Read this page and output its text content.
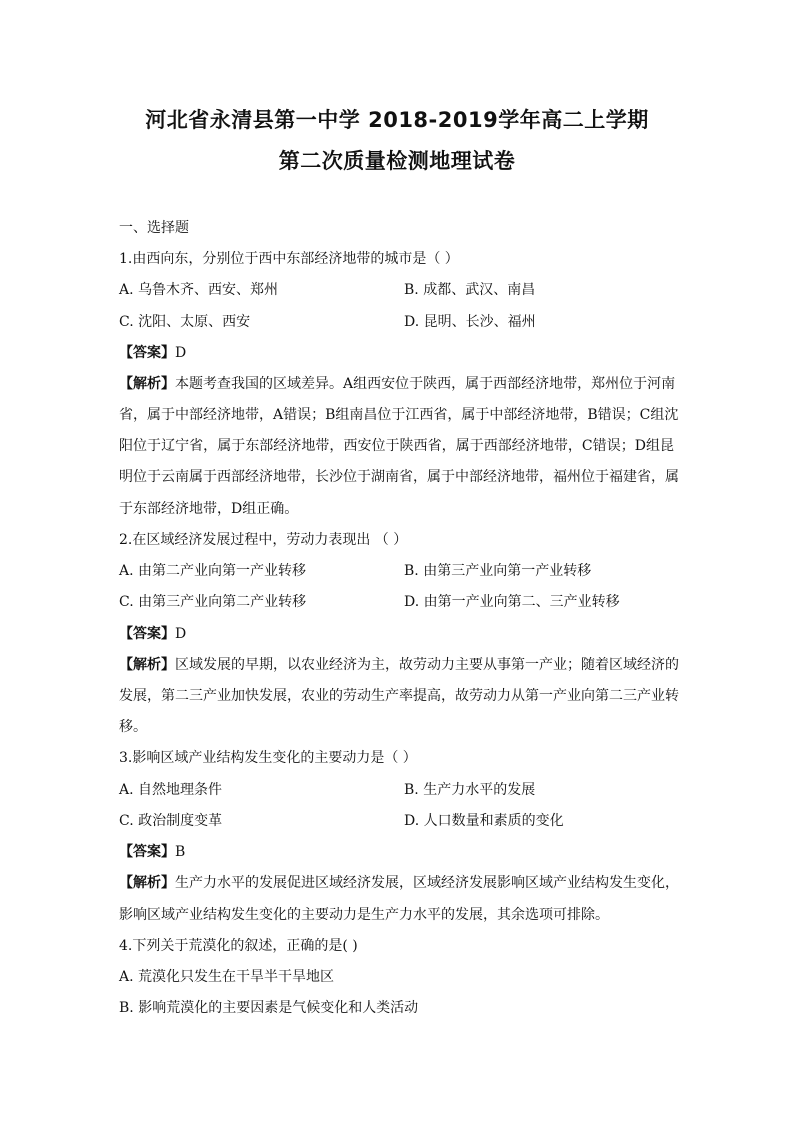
河北省永清县第一中学 2018-2019学年高二上学期
第二次质量检测地理试卷
一、选择题
1.由西向东，分别位于西中东部经济地带的城市是（ ）
A. 乌鲁木齐、西安、郑州	B. 成都、武汉、南昌
C. 沈阳、太原、西安	D. 昆明、长沙、福州
【答案】D
【解析】本题考查我国的区域差异。A组西安位于陕西，属于西部经济地带，郑州位于河南
省，属于中部经济地带，A错误；B组南昌位于江西省，属于中部经济地带，B错误；C组沈
阳位于辽宁省，属于东部经济地带，西安位于陕西省，属于西部经济地带，C错误；D组昆
明位于云南属于西部经济地带，长沙位于湖南省，属于中部经济地带，福州位于福建省，属
于东部经济地带，D组正确。
2.在区域经济发展过程中，劳动力表现出 （ ）
A. 由第二产业向第一产业转移	B. 由第三产业向第一产业转移
C. 由第三产业向第二产业转移	D. 由第一产业向第二、三产业转移
【答案】D
【解析】区域发展的早期，以农业经济为主，故劳动力主要从事第一产业；随着区域经济的
发展，第二三产业加快发展，农业的劳动生产率提高，故劳动力从第一产业向第二三产业转
移。
3.影响区域产业结构发生变化的主要动力是（ ）
A. 自然地理条件	B. 生产力水平的发展
C. 政治制度变革	D. 人口数量和素质的变化
【答案】B
【解析】生产力水平的发展促进区域经济发展，区域经济发展影响区域产业结构发生变化，
影响区域产业结构发生变化的主要动力是生产力水平的发展，其余选项可排除。
4.下列关于荒漠化的叙述，正确的是( )
A. 荒漠化只发生在干旱半干旱地区
B. 影响荒漠化的主要因素是气候变化和人类活动
